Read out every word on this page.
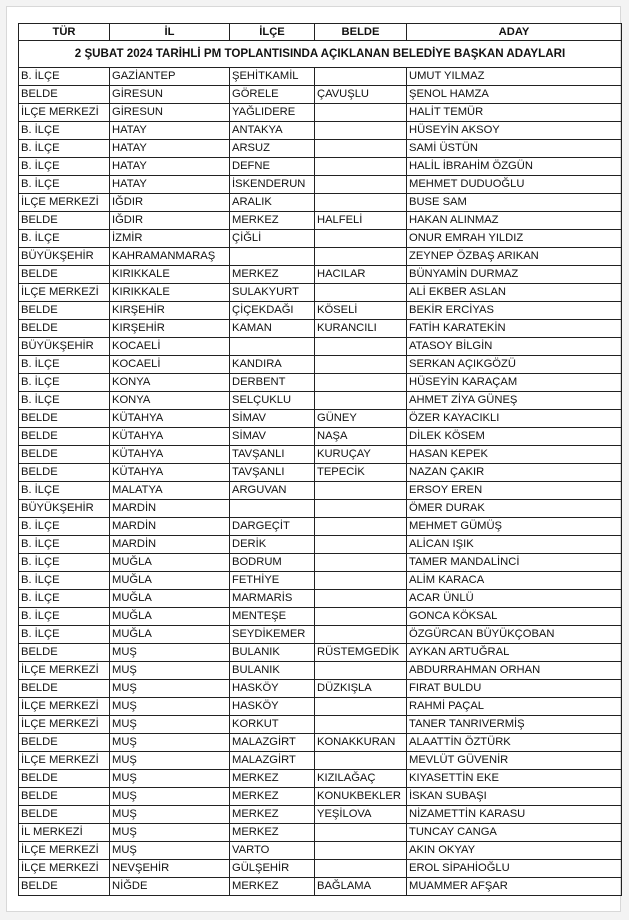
2 ŞUBAT 2024 TARİHLİ PM TOPLANTISINDA AÇIKLANAN BELEDİYE BAŞKAN ADAYLARI				
TÜR	İL	İLÇE	BELDE	ADAY
B. İLÇE	GAZİANTEP	ŞEHİTKAMİL		UMUT YILMAZ
BELDE	GİRESUN	GÖRELE	ÇAVUŞLU	ŞENOL HAMZA
İLÇE MERKEZİ	GİRESUN	YAĞLIDERE		HALİT TEMÜR
B. İLÇE	HATAY	ANTAKYA		HÜSEYİN AKSOY
B. İLÇE	HATAY	ARSUZ		SAMİ ÜSTÜN
B. İLÇE	HATAY	DEFNE		HALİL İBRAHİM ÖZGÜN
B. İLÇE	HATAY	İSKENDERUN		MEHMET DUDUOĞLU
İLÇE MERKEZİ	IĞDIR	ARALIK		BUSE SAM
BELDE	IĞDIR	MERKEZ	HALFELİ	HAKAN ALINMAZ
B. İLÇE	İZMİR	ÇİĞLİ		ONUR EMRAH YILDIZ
BÜYÜKŞEHİR	KAHRAMANMARAŞ			ZEYNEP ÖZBAŞ ARIKAN
BELDE	KIRIKKALE	MERKEZ	HACILAR	BÜNYAMİN DURMAZ
İLÇE MERKEZİ	KIRIKKALE	SULAKYURT		ALİ EKBER ASLAN
BELDE	KIRŞEHİR	ÇİÇEKDAĞI	KÖSELİ	BEKİR ERCİYAS
BELDE	KIRŞEHİR	KAMAN	KURANCILI	FATİH KARATEKİN
BÜYÜKŞEHİR	KOCAELİ			ATASOY BİLGİN
B. İLÇE	KOCAELİ	KANDIRA		SERKAN AÇIKGÖZÜ
B. İLÇE	KONYA	DERBENT		HÜSEYİN KARAÇAM
B. İLÇE	KONYA	SELÇUKLU		AHMET ZİYA GÜNEŞ
BELDE	KÜTAHYA	SİMAV	GÜNEY	ÖZER KAYACIKLI
BELDE	KÜTAHYA	SİMAV	NAŞA	DİLEK KÖSEM
BELDE	KÜTAHYA	TAVŞANLI	KURUÇAY	HASAN KEPEK
BELDE	KÜTAHYA	TAVŞANLI	TEPECİK	NAZAN ÇAKIR
B. İLÇE	MALATYA	ARGUVAN		ERSOY EREN
BÜYÜKŞEHİR	MARDİN			ÖMER DURAK
B. İLÇE	MARDİN	DARGEÇİT		MEHMET GÜMÜŞ
B. İLÇE	MARDİN	DERİK		ALİCAN IŞIK
B. İLÇE	MUĞLA	BODRUM		TAMER MANDALİNCİ
B. İLÇE	MUĞLA	FETHİYE		ALİM KARACA
B. İLÇE	MUĞLA	MARMARİS		ACAR ÜNLÜ
B. İLÇE	MUĞLA	MENTEŞE		GONCA KÖKSAL
B. İLÇE	MUĞLA	SEYDİKEMER		ÖZGÜRCAN BÜYÜKÇOBAN
BELDE	MUŞ	BULANIK	RÜSTEMGEDİK	AYKAN ARTUĞRAL
İLÇE MERKEZİ	MUŞ	BULANIK		ABDURRAHMAN ORHAN
BELDE	MUŞ	HASKÖY	DÜZKIŞLA	FIRAT BULDU
İLÇE MERKEZİ	MUŞ	HASKÖY		RAHMİ PAÇAL
İLÇE MERKEZİ	MUŞ	KORKUT		TANER TANRIVERMİŞ
BELDE	MUŞ	MALAZGİRT	KONAKKURAN	ALAATTİN ÖZTÜRK
İLÇE MERKEZİ	MUŞ	MALAZGİRT		MEVLÜT GÜVENİR
BELDE	MUŞ	MERKEZ	KIZILAĞAÇ	KIYASETTİN EKE
BELDE	MUŞ	MERKEZ	KONUKBEKLER	İSKAN SUBAŞI
BELDE	MUŞ	MERKEZ	YEŞİLOVA	NİZAMETTİN KARASU
İL MERKEZİ	MUŞ	MERKEZ		TUNCAY CANGA
İLÇE MERKEZİ	MUŞ	VARTO		AKIN OKYAY
İLÇE MERKEZİ	NEVŞEHİR	GÜLŞEHİR		EROL SİPAHİOĞLU
BELDE	NİĞDE	MERKEZ	BAĞLAMA	MUAMMER AFŞAR
